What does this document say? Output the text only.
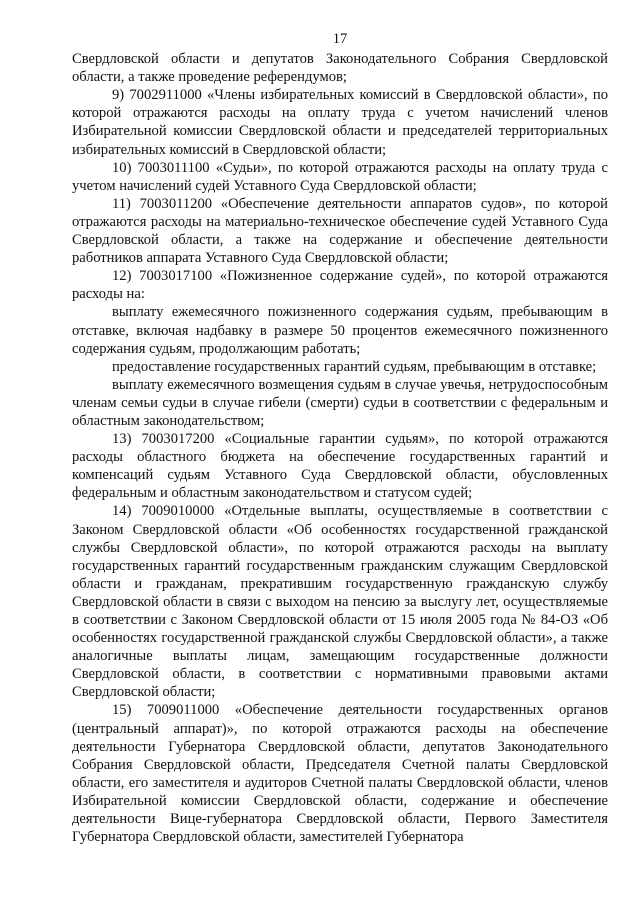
17

Свердловской области и депутатов Законодательного Собрания Свердловской области, а также проведение референдумов;

9) 7002911000 «Члены избирательных комиссий в Свердловской области», по которой отражаются расходы на оплату труда с учетом начислений членов Избирательной комиссии Свердловской области и председателей территориальных избирательных комиссий в Свердловской области;

10) 7003011100 «Судьи», по которой отражаются расходы на оплату труда с учетом начислений судей Уставного Суда Свердловской области;

11) 7003011200 «Обеспечение деятельности аппаратов судов», по которой отражаются расходы на материально-техническое обеспечение судей Уставного Суда Свердловской области, а также на содержание и обеспечение деятельности работников аппарата Уставного Суда Свердловской области;

12) 7003017100 «Пожизненное содержание судей», по которой отражаются расходы на:

выплату ежемесячного пожизненного содержания судьям, пребывающим в отставке, включая надбавку в размере 50 процентов ежемесячного пожизненного содержания судьям, продолжающим работать;

предоставление государственных гарантий судьям, пребывающим в отставке;

выплату ежемесячного возмещения судьям в случае увечья, нетрудоспособным членам семьи судьи в случае гибели (смерти) судьи в соответствии с федеральным и областным законодательством;

13) 7003017200 «Социальные гарантии судьям», по которой отражаются расходы областного бюджета на обеспечение государственных гарантий и компенсаций судьям Уставного Суда Свердловской области, обусловленных федеральным и областным законодательством и статусом судей;

14) 7009010000 «Отдельные выплаты, осуществляемые в соответствии с Законом Свердловской области «Об особенностях государственной гражданской службы Свердловской области», по которой отражаются расходы на выплату государственных гарантий государственным гражданским служащим Свердловской области и гражданам, прекратившим государственную гражданскую службу Свердловской области в связи с выходом на пенсию за выслугу лет, осуществляемые в соответствии с Законом Свердловской области от 15 июля 2005 года № 84-ОЗ «Об особенностях государственной гражданской службы Свердловской области», а также аналогичные выплаты лицам, замещающим государственные должности Свердловской области, в соответствии с нормативными правовыми актами Свердловской области;

15) 7009011000 «Обеспечение деятельности государственных органов (центральный аппарат)», по которой отражаются расходы на обеспечение деятельности Губернатора Свердловской области, депутатов Законодательного Собрания Свердловской области, Председателя Счетной палаты Свердловской области, его заместителя и аудиторов Счетной палаты Свердловской области, членов Избирательной комиссии Свердловской области, содержание и обеспечение деятельности Вице-губернатора Свердловской области, Первого Заместителя Губернатора Свердловской области, заместителей Губернатора
